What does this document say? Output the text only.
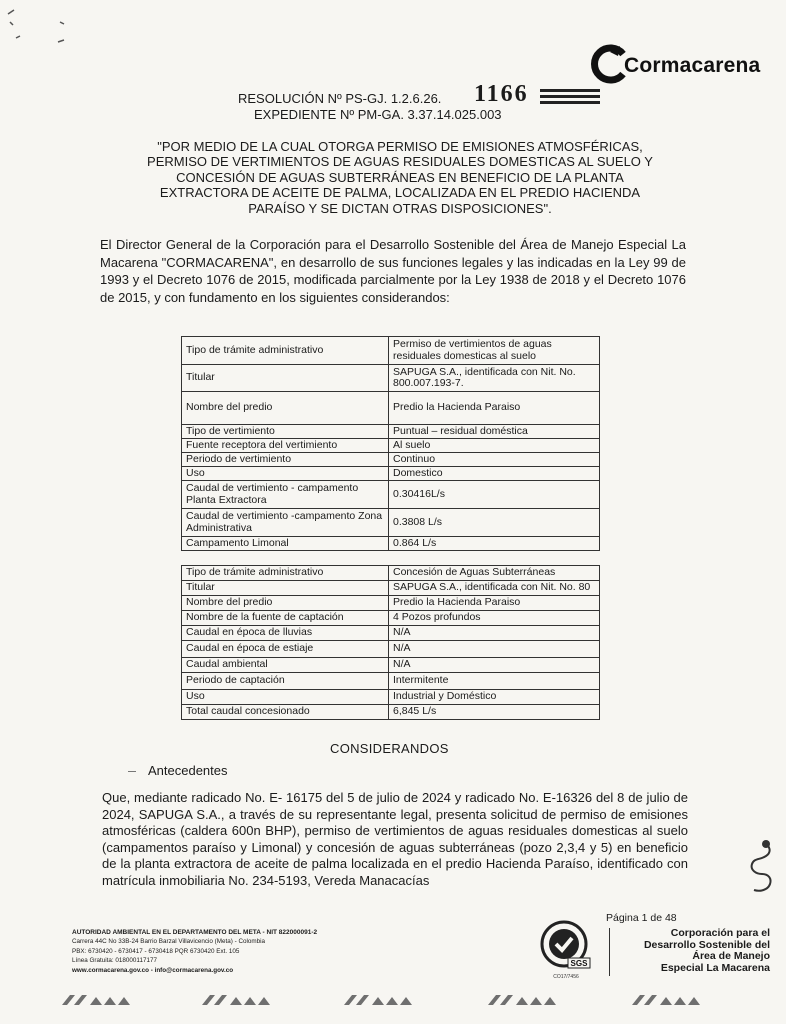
Cormacarena
RESOLUCIÓN Nº PS-GJ. 1.2.6.26. 1166
EXPEDIENTE Nº PM-GA. 3.37.14.025.003
"POR MEDIO DE LA CUAL OTORGA PERMISO DE EMISIONES ATMOSFÉRICAS,
PERMISO DE VERTIMIENTOS DE AGUAS RESIDUALES DOMESTICAS AL SUELO Y
CONCESIÓN DE AGUAS SUBTERRÁNEAS EN BENEFICIO DE LA PLANTA
EXTRACTORA DE ACEITE DE PALMA, LOCALIZADA EN EL PREDIO HACIENDA
PARAÍSO Y SE DICTAN OTRAS DISPOSICIONES".
El Director General de la Corporación para el Desarrollo Sostenible del Área de Manejo Especial La Macarena "CORMACARENA", en desarrollo de sus funciones legales y las indicadas en la Ley 99 de 1993 y el Decreto 1076 de 2015, modificada parcialmente por la Ley 1938 de 2018 y el Decreto 1076 de 2015, y con fundamento en los siguientes considerandos:
Tipo de trámite administrativo	Permiso de vertimientos de aguas residuales domesticas al suelo
Titular	SAPUGA S.A., identificada con Nit. No. 800.007.193-7.
Nombre del predio	Predio la Hacienda Paraiso
Tipo de vertimiento	Puntual – residual doméstica
Fuente receptora del vertimiento	Al suelo
Periodo de vertimiento	Continuo
Uso	Domestico
Caudal de vertimiento - campamento Planta Extractora	0.30416L/s
Caudal de vertimiento -campamento Zona Administrativa	0.3808 L/s
Campamento Limonal	0.864 L/s
Tipo de trámite administrativo	Concesión de Aguas Subterráneas
Titular	SAPUGA S.A., identificada con Nit. No. 80
Nombre del predio	Predio la Hacienda Paraiso
Nombre de la fuente de captación	4 Pozos profundos
Caudal en época de lluvias	N/A
Caudal en época de estiaje	N/A
Caudal ambiental	N/A
Periodo de captación	Intermitente
Uso	Industrial y Doméstico
Total caudal concesionado	6,845 L/s
CONSIDERANDOS
Antecedentes
Que, mediante radicado No. E- 16175 del 5 de julio de 2024 y radicado No. E-16326 del 8 de julio de 2024, SAPUGA S.A., a través de su representante legal, presenta solicitud de permiso de emisiones atmosféricas (caldera 600n BHP), permiso de vertimientos de aguas residuales domesticas al suelo (campamentos paraíso y Limonal) y concesión de aguas subterráneas (pozo 2,3,4 y 5) en beneficio de la planta extractora de aceite de palma localizada en el predio Hacienda Paraíso, identificado con matrícula inmobiliaria No. 234-5193, Vereda Manacacías
AUTORIDAD AMBIENTAL EN EL DEPARTAMENTO DEL META - NIT 822000091-2
Carrera 44C No 33B-24 Barrio Barzal Villavicencio (Meta) - Colombia
PBX: 6730420 - 6730417 - 6730418 PQR 6730420 Ext. 105
Línea Gratuita: 018000117177
www.cormacarena.gov.co - info@cormacarena.gov.co
SGS
CO17/7456
Página 1 de 48
Corporación para el
Desarrollo Sostenible del
Área de Manejo
Especial La Macarena
